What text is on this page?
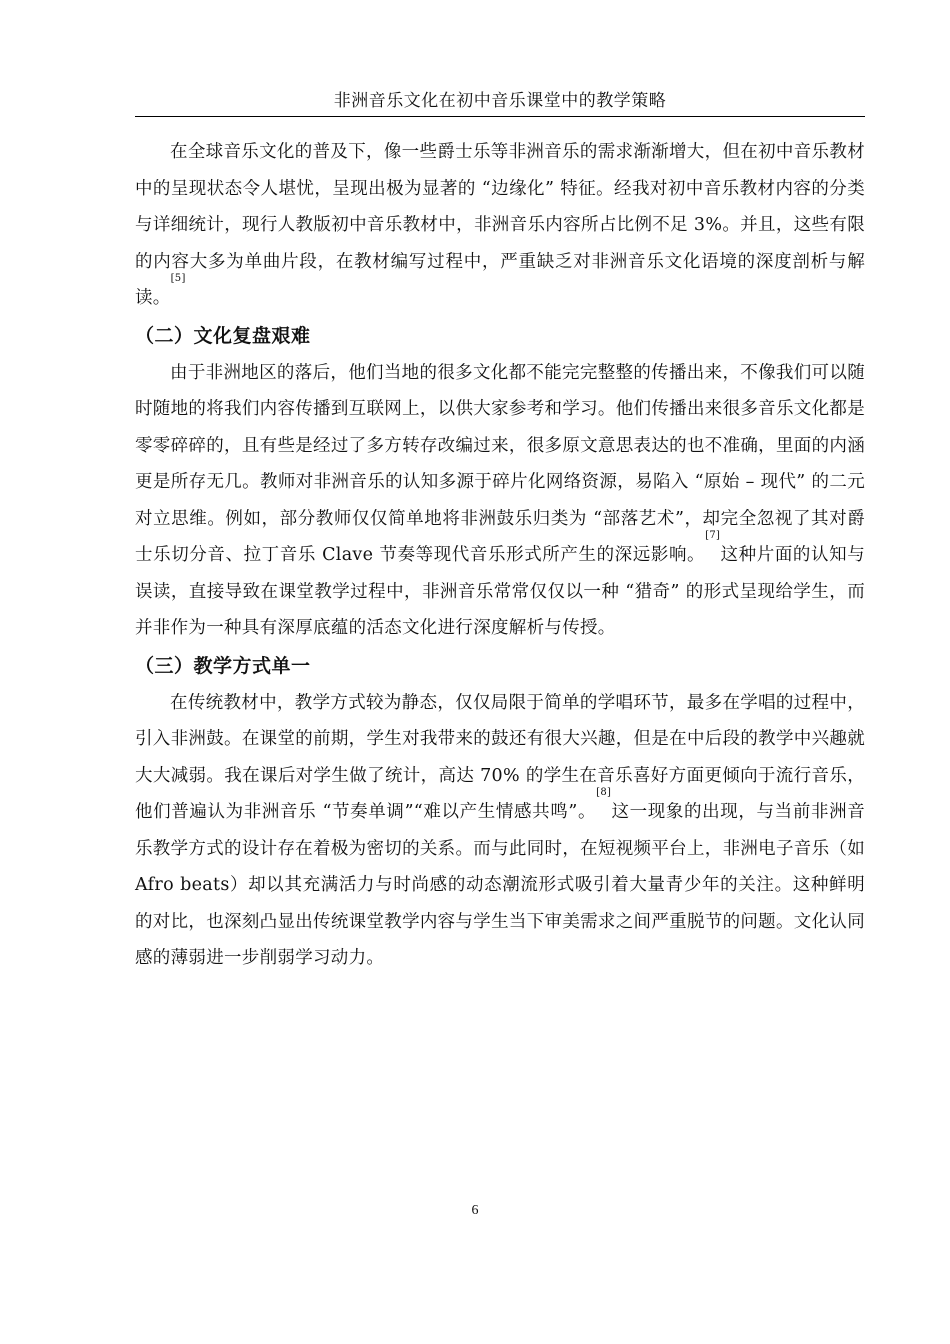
非洲音乐文化在初中音乐课堂中的教学策略

在全球音乐文化的普及下，像一些爵士乐等非洲音乐的需求渐渐增大，但在初中音乐教材中的呈现状态令人堪忧，呈现出极为显著的 “边缘化” 特征。经我对初中音乐教材内容的分类与详细统计，现行人教版初中音乐教材中，非洲音乐内容所占比例不足 3%。并且，这些有限的内容大多为单曲片段，在教材编写过程中，严重缺乏对非洲音乐文化语境的深度剖析与解读。[5]

（二）文化复盘艰难

由于非洲地区的落后，他们当地的很多文化都不能完完整整的传播出来，不像我们可以随时随地的将我们内容传播到互联网上，以供大家参考和学习。他们传播出来很多音乐文化都是零零碎碎的，且有些是经过了多方转存改编过来，很多原文意思表达的也不准确，里面的内涵更是所存无几。教师对非洲音乐的认知多源于碎片化网络资源，易陷入 “原始 – 现代” 的二元对立思维。例如，部分教师仅仅简单地将非洲鼓乐归类为 “部落艺术”，却完全忽视了其对爵士乐切分音、拉丁音乐 Clave 节奏等现代音乐形式所产生的深远影响。[7]这种片面的认知与误读，直接导致在课堂教学过程中，非洲音乐常常仅仅以一种 “猎奇” 的形式呈现给学生，而并非作为一种具有深厚底蕴的活态文化进行深度解析与传授。

（三）教学方式单一

在传统教材中，教学方式较为静态，仅仅局限于简单的学唱环节，最多在学唱的过程中，引入非洲鼓。在课堂的前期，学生对我带来的鼓还有很大兴趣，但是在中后段的教学中兴趣就大大减弱。我在课后对学生做了统计，高达 70% 的学生在音乐喜好方面更倾向于流行音乐，他们普遍认为非洲音乐 “节奏单调”“难以产生情感共鸣”。[8]这一现象的出现，与当前非洲音乐教学方式的设计存在着极为密切的关系。而与此同时，在短视频平台上，非洲电子音乐（如 Afro beats）却以其充满活力与时尚感的动态潮流形式吸引着大量青少年的关注。这种鲜明的对比，也深刻凸显出传统课堂教学内容与学生当下审美需求之间严重脱节的问题。文化认同感的薄弱进一步削弱学习动力。

6
